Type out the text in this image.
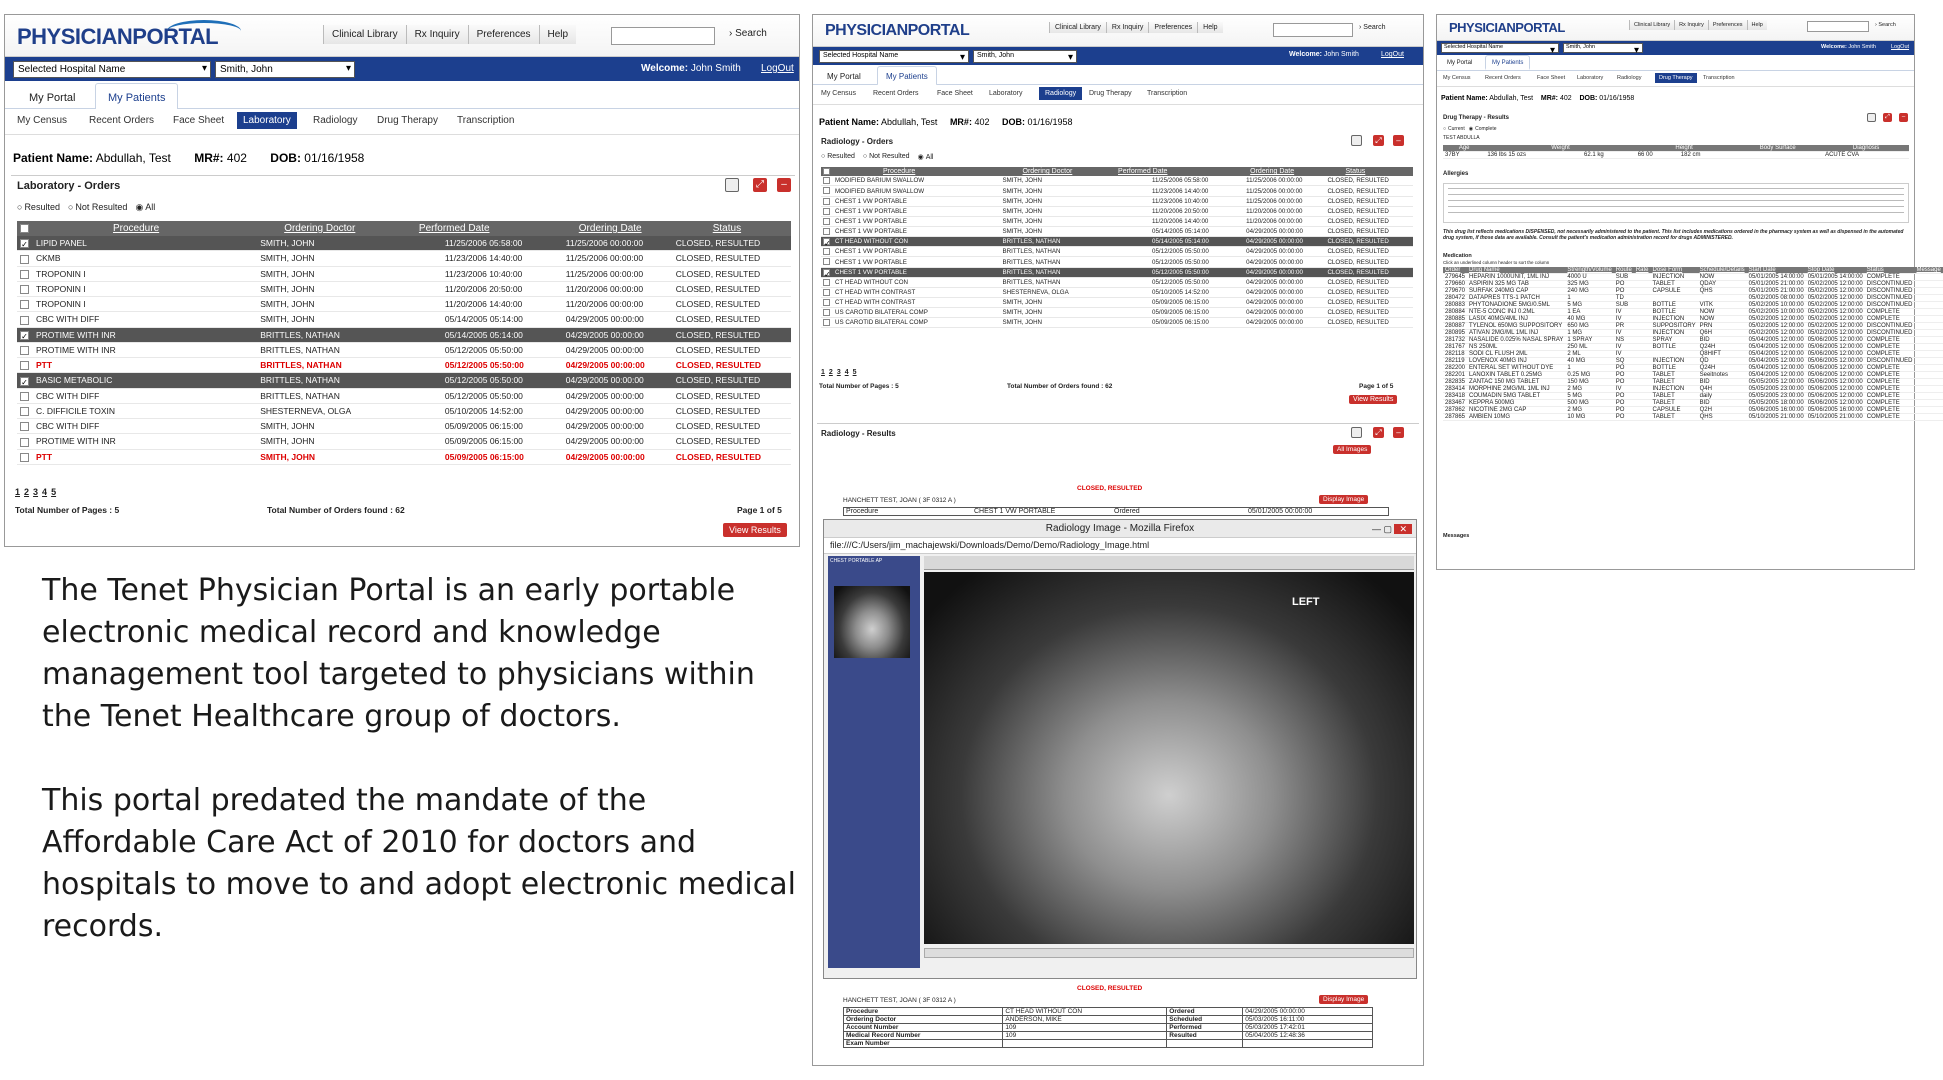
PHYSICIANPORTAL	Clinical Library	Rx Inquiry	Preferences	Help	› Search
Selected Hospital Name ▾	Smith, John ▾	Welcome: John Smith LogOut
My Portal	My Patients
My Census Recent Orders Face Sheet	Laboratory	Radiology Drug Therapy Transcription
Patient Name: Abdullah, Test MR#: 402 DOB: 01/16/1958
Laboratory - Orders	⤢	–
○ Resulted	○ Not Resulted	◉ All
	Procedure	Ordering Doctor	Performed Date	Ordering Date	Status
✓	LIPID PANEL	SMITH, JOHN	11/25/2006 05:58:00	11/25/2006 00:00:00	CLOSED, RESULTED
	CKMB	SMITH, JOHN	11/23/2006 14:40:00	11/25/2006 00:00:00	CLOSED, RESULTED
	TROPONIN I	SMITH, JOHN	11/23/2006 10:40:00	11/25/2006 00:00:00	CLOSED, RESULTED
	TROPONIN I	SMITH, JOHN	11/20/2006 20:50:00	11/20/2006 00:00:00	CLOSED, RESULTED
	TROPONIN I	SMITH, JOHN	11/20/2006 14:40:00	11/20/2006 00:00:00	CLOSED, RESULTED
	CBC WITH DIFF	SMITH, JOHN	05/14/2005 05:14:00	04/29/2005 00:00:00	CLOSED, RESULTED
✓	PROTIME WITH INR	BRITTLES, NATHAN	05/14/2005 05:14:00	04/29/2005 00:00:00	CLOSED, RESULTED
	PROTIME WITH INR	BRITTLES, NATHAN	05/12/2005 05:50:00	04/29/2005 00:00:00	CLOSED, RESULTED
	PTT	BRITTLES, NATHAN	05/12/2005 05:50:00	04/29/2005 00:00:00	CLOSED, RESULTED
✓	BASIC METABOLIC	BRITTLES, NATHAN	05/12/2005 05:50:00	04/29/2005 00:00:00	CLOSED, RESULTED
	CBC WITH DIFF	BRITTLES, NATHAN	05/12/2005 05:50:00	04/29/2005 00:00:00	CLOSED, RESULTED
	C. DIFFICILE TOXIN	SHESTERNEVA, OLGA	05/10/2005 14:52:00	04/29/2005 00:00:00	CLOSED, RESULTED
	CBC WITH DIFF	SMITH, JOHN	05/09/2005 06:15:00	04/29/2005 00:00:00	CLOSED, RESULTED
	PROTIME WITH INR	SMITH, JOHN	05/09/2005 06:15:00	04/29/2005 00:00:00	CLOSED, RESULTED
	PTT	SMITH, JOHN	05/09/2005 06:15:00	04/29/2005 00:00:00	CLOSED, RESULTED
1 2 3 4 5
Total Number of Pages : 5	Total Number of Orders found : 62	Page 1 of 5
View Results
The Tenet Physician Portal is an early portable electronic medical record and knowledge management tool targeted to physicians within the Tenet Healthcare group of doctors.
This portal predated the mandate of the Affordable Care Act of 2010 for doctors and hospitals to move to and adopt electronic medical records.
PHYSICIANPORTAL	Clinical Library	Rx Inquiry	Preferences	Help	› Search
Selected Hospital Name ▾	Smith, John ▾	Welcome: John Smith	LogOut
My Portal	My Patients
My Census Recent Orders	Face Sheet Laboratory	Radiology	Drug Therapy Transcription
Patient Name: Abdullah, Test MR#: 402 DOB: 01/16/1958
Radiology - Orders	⤢	–
○ Resulted	○ Not Resulted	◉ All
	Procedure	Ordering Doctor	Performed Date	Ordering Date	Status
	MODIFIED BARIUM SWALLOW	SMITH, JOHN	11/25/2006 05:58:00	11/25/2006 00:00:00	CLOSED, RESULTED
	MODIFIED BARIUM SWALLOW	SMITH, JOHN	11/23/2006 14:40:00	11/25/2006 00:00:00	CLOSED, RESULTED
	CHEST 1 VW PORTABLE	SMITH, JOHN	11/23/2006 10:40:00	11/25/2006 00:00:00	CLOSED, RESULTED
	CHEST 1 VW PORTABLE	SMITH, JOHN	11/20/2006 20:50:00	11/20/2006 00:00:00	CLOSED, RESULTED
	CHEST 1 VW PORTABLE	SMITH, JOHN	11/20/2006 14:40:00	11/20/2006 00:00:00	CLOSED, RESULTED
	CHEST 1 VW PORTABLE	SMITH, JOHN	05/14/2005 05:14:00	04/29/2005 00:00:00	CLOSED, RESULTED
✓	CT HEAD WITHOUT CON	BRITTLES, NATHAN	05/14/2005 05:14:00	04/29/2005 00:00:00	CLOSED, RESULTED
	CHEST 1 VW PORTABLE	BRITTLES, NATHAN	05/12/2005 05:50:00	04/29/2005 00:00:00	CLOSED, RESULTED
	CHEST 1 VW PORTABLE	BRITTLES, NATHAN	05/12/2005 05:50:00	04/29/2005 00:00:00	CLOSED, RESULTED
✓	CHEST 1 VW PORTABLE	BRITTLES, NATHAN	05/12/2005 05:50:00	04/29/2005 00:00:00	CLOSED, RESULTED
	CT HEAD WITHOUT CON	BRITTLES, NATHAN	05/12/2005 05:50:00	04/29/2005 00:00:00	CLOSED, RESULTED
	CT HEAD WITH CONTRAST	SHESTERNEVA, OLGA	05/10/2005 14:52:00	04/29/2005 00:00:00	CLOSED, RESULTED
	CT HEAD WITH CONTRAST	SMITH, JOHN	05/09/2005 06:15:00	04/29/2005 00:00:00	CLOSED, RESULTED
	US CAROTID BILATERAL COMP	SMITH, JOHN	05/09/2005 06:15:00	04/29/2005 00:00:00	CLOSED, RESULTED
	US CAROTID BILATERAL COMP	SMITH, JOHN	05/09/2005 06:15:00	04/29/2005 00:00:00	CLOSED, RESULTED
1 2 3 4 5
Total Number of Pages : 5	Total Number of Orders found : 62	Page 1 of 5
View Results
Radiology - Results	⤢	–
All Images
CLOSED, RESULTED
Display Image
HANCHETT TEST, JOAN ( 3F 0312 A )
Procedure	CHEST 1 VW PORTABLE	Ordered	05/01/2005 00:00:00
Radiology Image - Mozilla Firefox	— ▢ ✕
file:///C:/Users/jim_machajewski/Downloads/Demo/Demo/Radiology_Image.html
CHEST PORTABLE AP
LEFT
CLOSED, RESULTED
Display Image
HANCHETT TEST, JOAN ( 3F 0312 A )
Procedure	CT HEAD WITHOUT CON	Ordered	04/29/2005 00:00:00
Ordering Doctor	ANDERSON, MIKE	Scheduled	05/03/2005 16:11:00
Account Number	109	Performed	05/03/2005 17:42:01
Medical Record Number	109	Resulted	05/04/2005 12:48:36
Exam Number			
PHYSICIANPORTAL	Clinical Library	Rx Inquiry	Preferences	Help	› Search
Selected Hospital Name ▾	Smith, John ▾	Welcome: John Smith	LogOut
My Portal	My Patients
My Census	Recent Orders	Face Sheet Laboratory Radiology	Drug Therapy	Transcription
Patient Name: Abdullah, Test MR#: 402 DOB: 01/16/1958
Drug Therapy - Results	⤢	–
○ Current	◉ Complete
TEST ABDULLA
Age	Weight		Height		Body Surface	Diagnosis
37BY	136 lbs 15 ozs	62.1 kg	66 00	182 cm		ACUTE CVA
Allergies
This drug list reflects medications DISPENSED, not necessarily administered to the patient. This list includes medications ordered in the pharmacy system as well as dispensed in the automated drug system, if those data are available. Consult the patient's medication administration record for drugs ADMINISTERED.
Medication
Click an underlined column header to sort the column
Order	Drug Name	Strength/Volume	Route	Rate	Dose Form	Schedule/Details	Start Date	Stop Date	Status	Message
279645	HEPARIN 1000UNIT, 1ML INJ	4000 U	SUB		INJECTION	NOW	05/01/2005 14:00:00	05/01/2005 14:00:00	COMPLETE	
279660	ASPIRIN 325 MG TAB	325 MG	PO		TABLET	QDAY	05/01/2005 21:00:00	05/02/2005 12:00:00	DISCONTINUED	
279670	SURFAK 240MG CAP	240 MG	PO		CAPSULE	QHS	05/01/2005 21:00:00	05/02/2005 12:00:00	DISCONTINUED	
280472	DATAPRES TTS-1 PATCH	1	TD				05/02/2005 08:00:00	05/02/2005 12:00:00	DISCONTINUED	
280883	PHYTONADIONE 5MG/0.5ML	5 MG	SUB		BOTTLE	VITK	05/02/2005 10:00:00	05/02/2005 12:00:00	DISCONTINUED	
280884	NTE-5 CONC INJ 0.2ML	1 EA	IV		BOTTLE	NOW	05/02/2005 10:00:00	05/02/2005 12:00:00	COMPLETE	
280885	LASIX 40MG/4ML INJ	40 MG	IV		INJECTION	NOW	05/02/2005 12:00:00	05/02/2005 12:00:00	COMPLETE	
280887	TYLENOL 650MG SUPPOSITORY	650 MG	PR		SUPPOSITORY	PRN	05/02/2005 12:00:00	05/02/2005 12:00:00	DISCONTINUED	
280895	ATIVAN 2MG/ML 1ML INJ	1 MG	IV		INJECTION	Q6H	05/02/2005 12:00:00	05/02/2005 12:00:00	DISCONTINUED	
281732	NASALIDE 0.025% NASAL SPRAY	1 SPRAY	NS		SPRAY	BID	05/04/2005 12:00:00	05/06/2005 12:00:00	COMPLETE	
281767	NS 250ML	250 ML	IV		BOTTLE	Q24H	05/04/2005 12:00:00	05/06/2005 12:00:00	COMPLETE	
282118	SODI CL FLUSH 2ML	2 ML	IV			Q8HIFT	05/04/2005 12:00:00	05/06/2005 12:00:00	COMPLETE	
282119	LOVENOX 40MG INJ	40 MG	SQ		INJECTION	QD	05/04/2005 12:00:00	05/06/2005 12:00:00	DISCONTINUED	
282200	ENTERAL SET WITHOUT DYE	1	PO		BOTTLE	Q24H	05/04/2005 12:00:00	05/06/2005 12:00:00	COMPLETE	
282201	LANOXIN TABLET 0.25MG	0.25 MG	PO		TABLET	Seeitnotes	05/04/2005 12:00:00	05/06/2005 12:00:00	COMPLETE	
282835	ZANTAC 150 MG TABLET	150 MG	PO		TABLET	BID	05/05/2005 12:00:00	05/06/2005 12:00:00	COMPLETE	
283414	MORPHINE 2MG/ML 1ML INJ	2 MG	IV		INJECTION	Q4H	05/05/2005 23:00:00	05/06/2005 12:00:00	COMPLETE	
283418	COUMADIN 5MG TABLET	5 MG	PO		TABLET	daily	05/05/2005 23:00:00	05/06/2005 12:00:00	COMPLETE	
283467	KEPPRA 500MG	500 MG	PO		TABLET	BID	05/05/2005 18:00:00	05/06/2005 12:00:00	COMPLETE	
287862	NICOTINE 2MG CAP	2 MG	PO		CAPSULE	Q2H	05/06/2005 16:00:00	05/06/2005 16:00:00	COMPLETE	
287865	AMBIEN 10MG	10 MG	PO		TABLET	QHS	05/10/2005 21:00:00	05/10/2005 21:00:00	COMPLETE	
Messages
